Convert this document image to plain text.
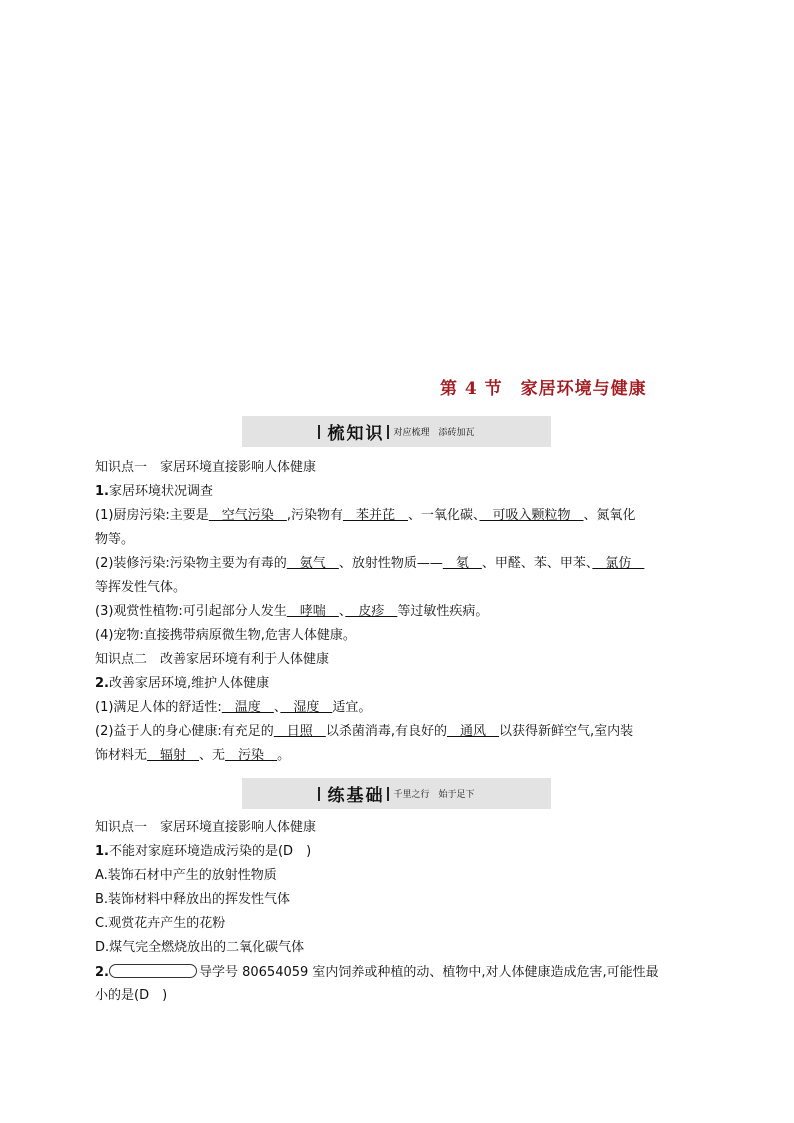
第 4 节　家居环境与健康
梳知识 对应梳理　添砖加瓦
知识点一　家居环境直接影响人体健康
1.家居环境状况调查
(1)厨房污染:主要是　空气污染　,污染物有　苯并芘　、一氧化碳、　可吸入颗粒物　、氮氧化
物等。
(2)装修污染:污染物主要为有毒的　氨气　、放射性物质——　氡　、甲醛、苯、甲苯、　氯仿　
等挥发性气体。
(3)观赏性植物:可引起部分人发生　哮喘　、　皮疹　等过敏性疾病。
(4)宠物:直接携带病原微生物,危害人体健康。
知识点二　改善家居环境有利于人体健康
2.改善家居环境,维护人体健康
(1)满足人体的舒适性:　温度　、　湿度　适宜。
(2)益于人的身心健康:有充足的　日照　以杀菌消毒,有良好的　通风　以获得新鲜空气,室内装
饰材料无　辐射　、无　污染　。
练基础 千里之行　始于足下
知识点一　家居环境直接影响人体健康
1.不能对家庭环境造成污染的是(D　)
A.装饰石材中产生的放射性物质
B.装饰材料中释放出的挥发性气体
C.观赏花卉产生的花粉
D.煤气完全燃烧放出的二氧化碳气体
2.	导学号 80654059 室内饲养或种植的动、植物中,对人体健康造成危害,可能性最
小的是(D　)
